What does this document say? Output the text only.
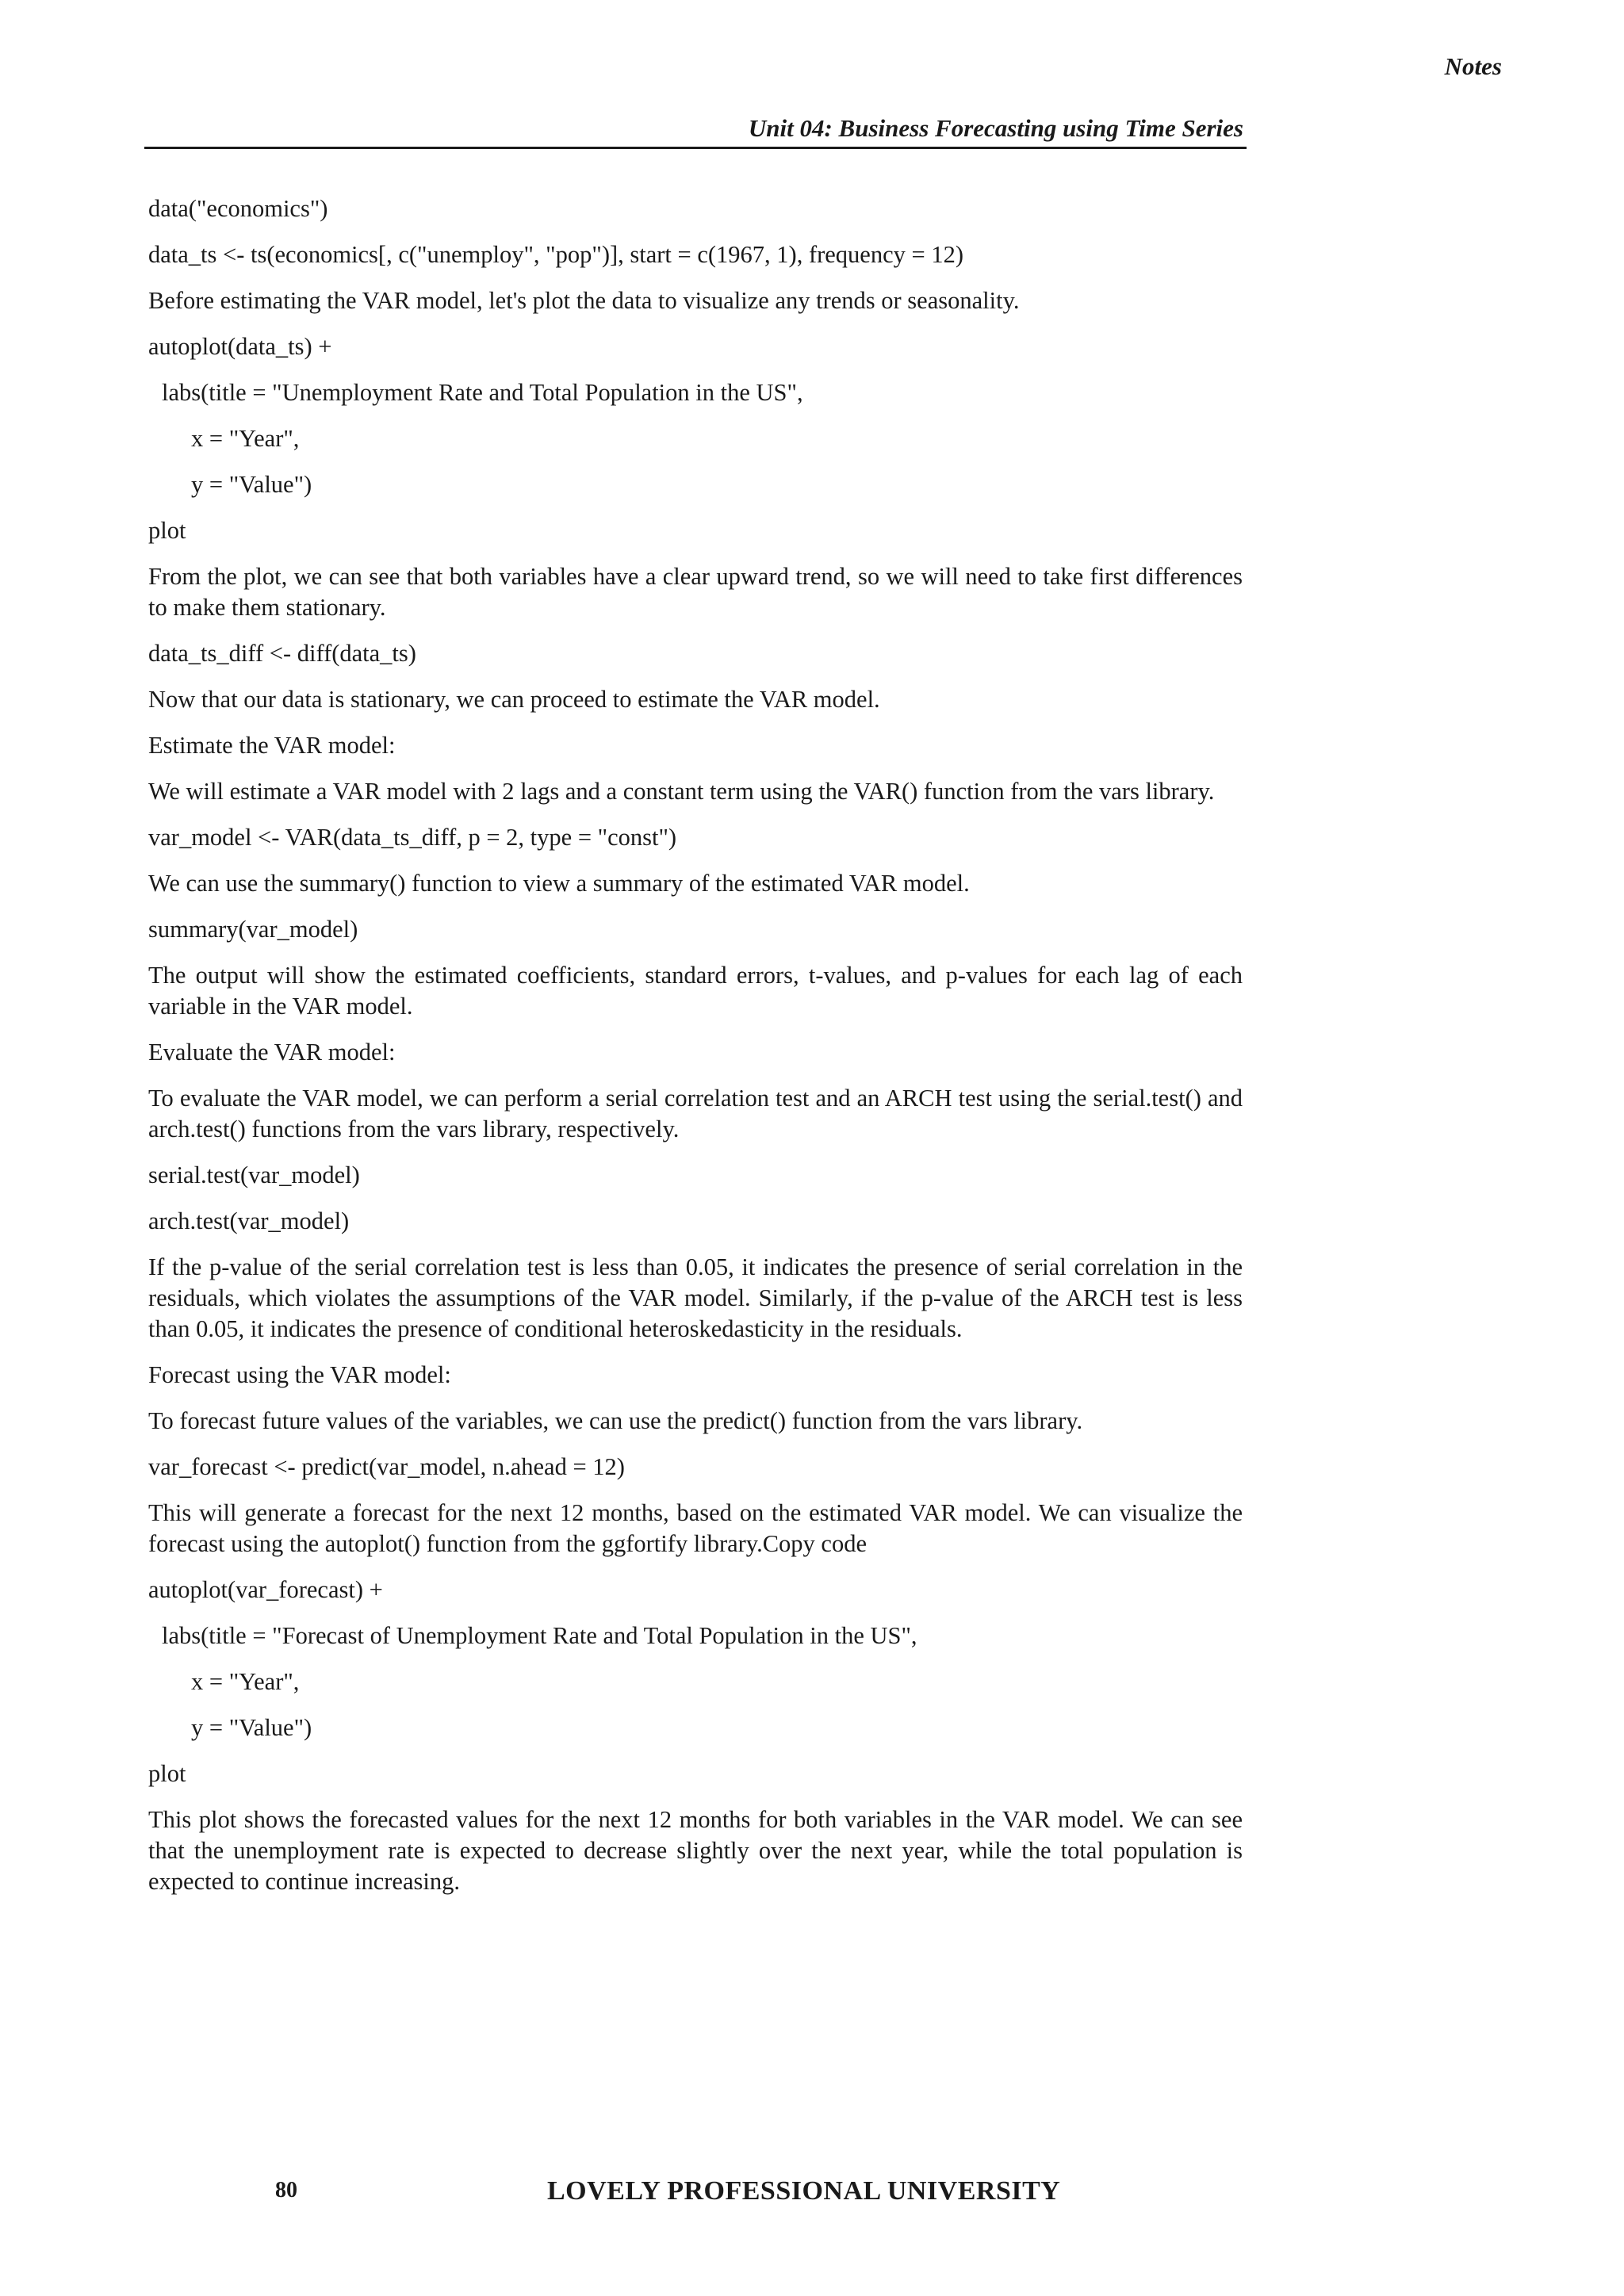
Notes
Unit 04: Business Forecasting using Time Series
data("economics")
data_ts <- ts(economics[, c("unemploy", "pop")], start = c(1967, 1), frequency = 12)

Before estimating the VAR model, let's plot the data to visualize any trends or seasonality.

autoplot(data_ts) +
labs(title = "Unemployment Rate and Total Population in the US",
x = "Year",
y = "Value")
plot

From the plot, we can see that both variables have a clear upward trend, so we will need to take first differences to make them stationary.

data_ts_diff <- diff(data_ts)

Now that our data is stationary, we can proceed to estimate the VAR model.

Estimate the VAR model:

We will estimate a VAR model with 2 lags and a constant term using the VAR() function from the vars library.

var_model <- VAR(data_ts_diff, p = 2, type = "const")

We can use the summary() function to view a summary of the estimated VAR model.

summary(var_model)

The output will show the estimated coefficients, standard errors, t-values, and p-values for each lag of each variable in the VAR model.

Evaluate the VAR model:

To evaluate the VAR model, we can perform a serial correlation test and an ARCH test using the serial.test() and arch.test() functions from the vars library, respectively.

serial.test(var_model)
arch.test(var_model)

If the p-value of the serial correlation test is less than 0.05, it indicates the presence of serial correlation in the residuals, which violates the assumptions of the VAR model. Similarly, if the p-value of the ARCH test is less than 0.05, it indicates the presence of conditional heteroskedasticity in the residuals.

Forecast using the VAR model:

To forecast future values of the variables, we can use the predict() function from the vars library.

var_forecast <- predict(var_model, n.ahead = 12)

This will generate a forecast for the next 12 months, based on the estimated VAR model. We can visualize the forecast using the autoplot() function from the ggfortify library.Copy code

autoplot(var_forecast) +
labs(title = "Forecast of Unemployment Rate and Total Population in the US",
x = "Year",
y = "Value")
plot

This plot shows the forecasted values for the next 12 months for both variables in the VAR model. We can see that the unemployment rate is expected to decrease slightly over the next year, while the total population is expected to continue increasing.

80	LOVELY PROFESSIONAL UNIVERSITY
